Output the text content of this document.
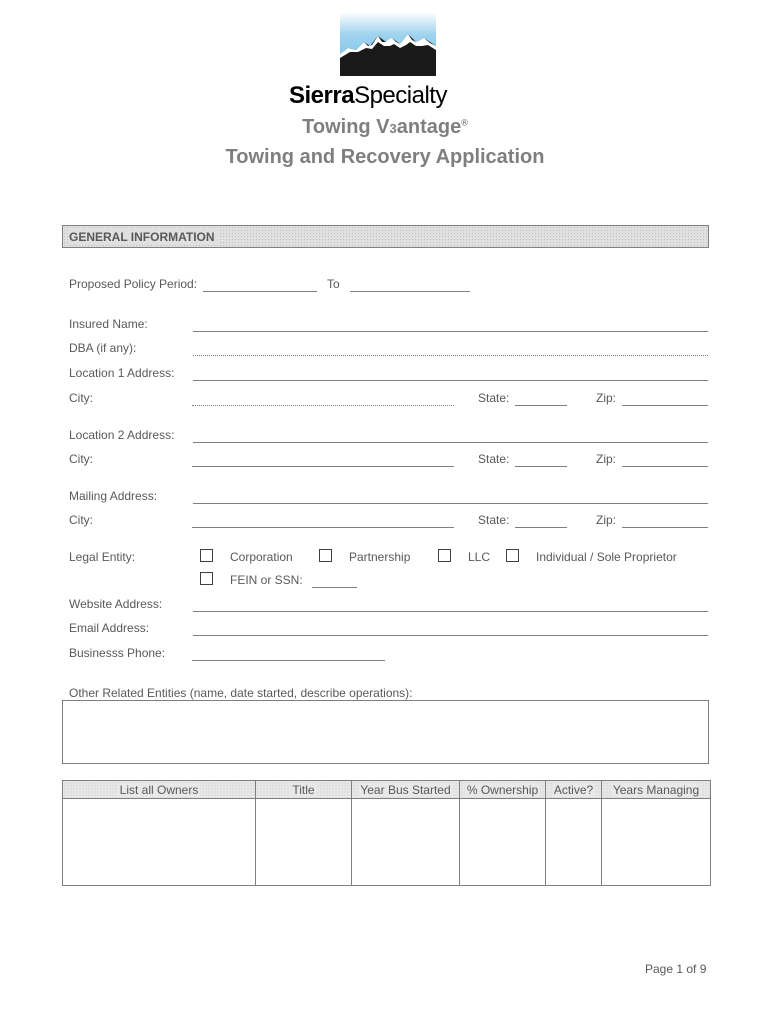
SierraSpecialty
Towing V3antage®
Towing and Recovery Application
GENERAL INFORMATION
Proposed Policy Period:	To
Insured Name:
DBA (if any):
Location 1 Address:
City:	State:	Zip:
Location 2 Address:
City:	State:	Zip:
Mailing Address:
City:	State:	Zip:
Legal Entity:	Corporation	Partnership	LLC	Individual / Sole Proprietor
FEIN or SSN:
Website Address:
Email Address:
Businesss Phone:
Other Related Entities (name, date started, describe operations):
List all Owners	Title	Year Bus Started	% Ownership	Active?	Years Managing

Page 1 of 9
